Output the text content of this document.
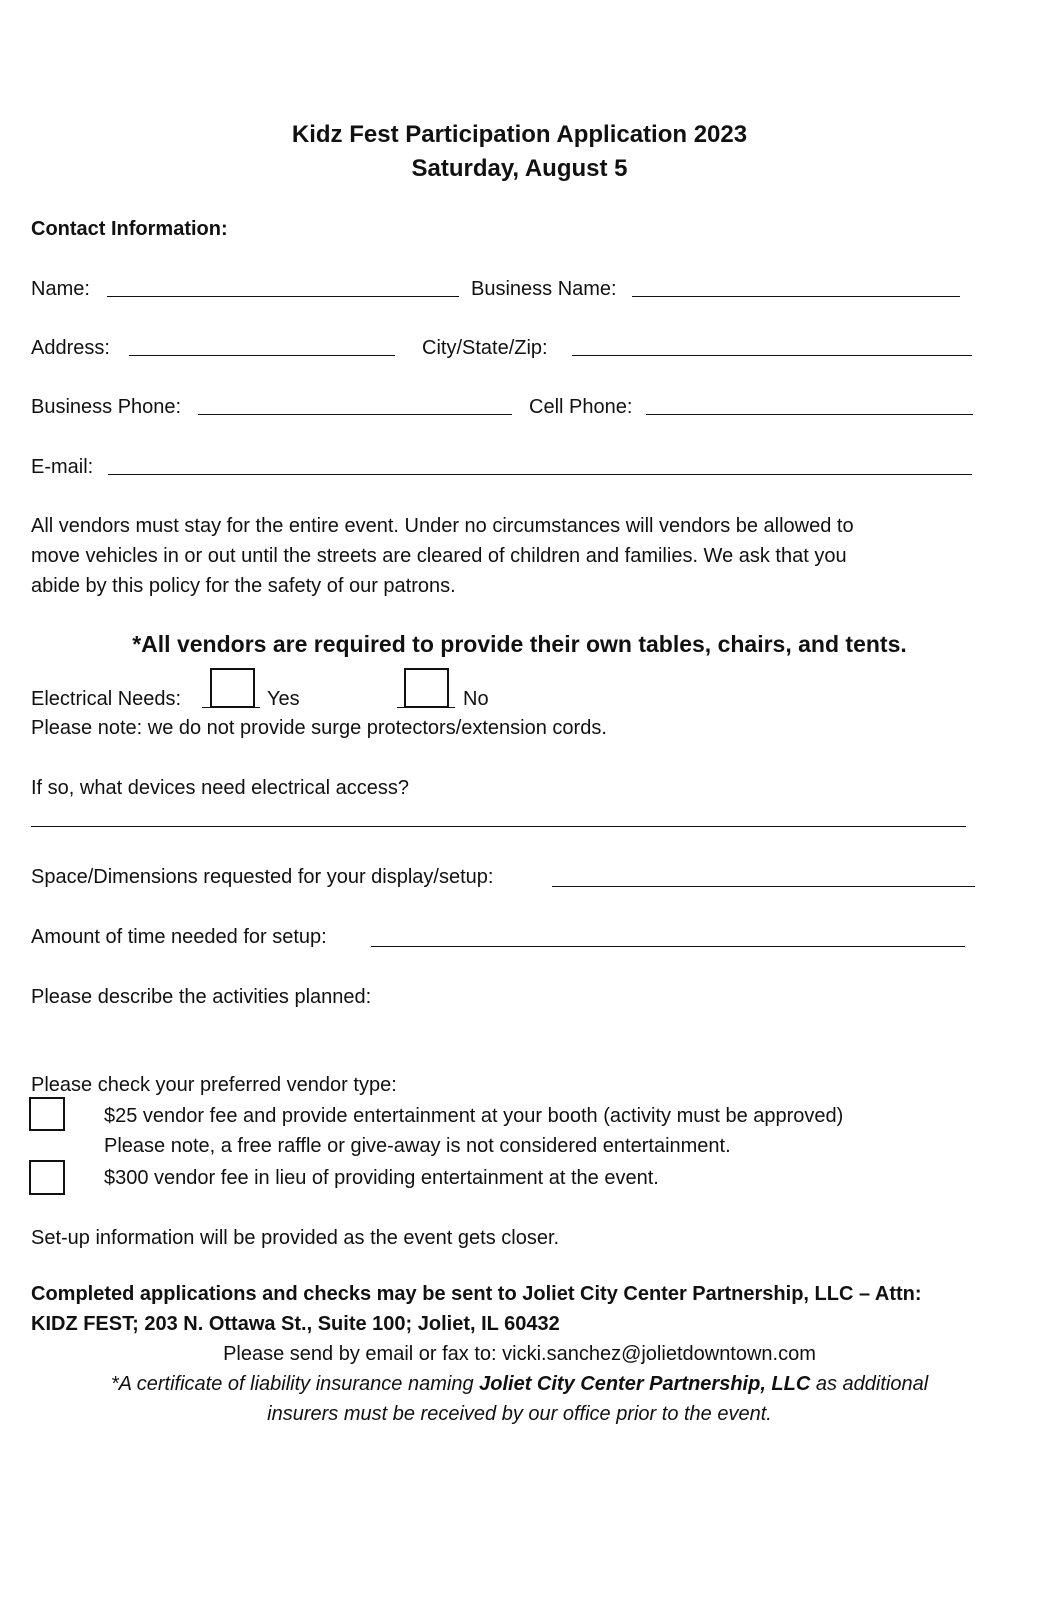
Kidz Fest Participation Application 2023
Saturday, August 5
Contact Information:
Name:	Business Name:
Address:	City/State/Zip:
Business Phone:	Cell Phone:
E-mail:
All vendors must stay for the entire event. Under no circumstances will vendors be allowed to
move vehicles in or out until the streets are cleared of children and families. We ask that you
abide by this policy for the safety of our patrons.
*All vendors are required to provide their own tables, chairs, and tents.
Electrical Needs:	Yes	No
Please note: we do not provide surge protectors/extension cords.
If so, what devices need electrical access?
Space/Dimensions requested for your display/setup:
Amount of time needed for setup:
Please describe the activities planned:
Please check your preferred vendor type:
$25 vendor fee and provide entertainment at your booth (activity must be approved)
Please note, a free raffle or give-away is not considered entertainment.
$300 vendor fee in lieu of providing entertainment at the event.
Set-up information will be provided as the event gets closer.
Completed applications and checks may be sent to Joliet City Center Partnership, LLC – Attn:
KIDZ FEST; 203 N. Ottawa St., Suite 100; Joliet, IL 60432
Please send by email or fax to: vicki.sanchez@jolietdowntown.com
*A certificate of liability insurance naming Joliet City Center Partnership, LLC as additional
insurers must be received by our office prior to the event.
